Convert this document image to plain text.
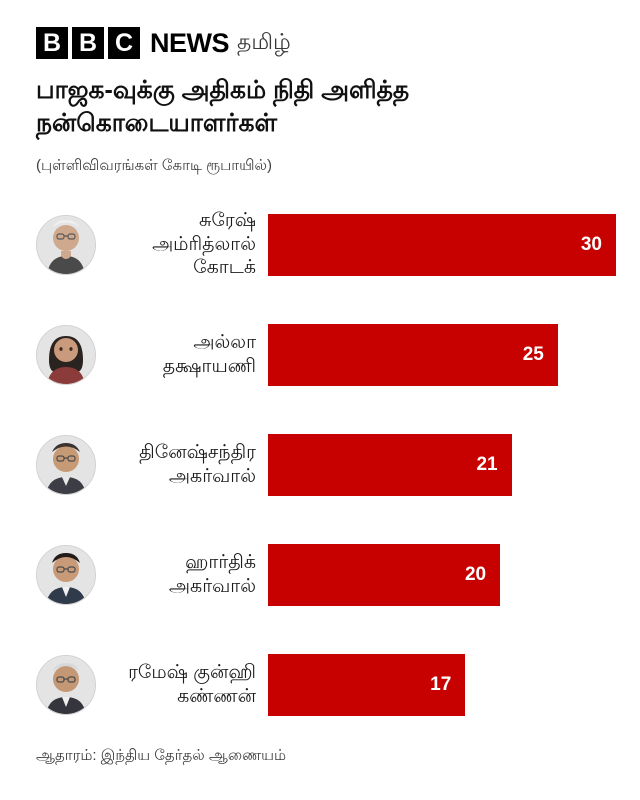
B B C NEWS தமிழ்
பாஜக-வுக்கு அதிகம் நிதி அளித்த நன்கொடையாளர்கள்
(புள்ளிவிவரங்கள் கோடி ரூபாயில்)
சுரேஷ் அம்ரித்லால் கோடக்
30
அல்லா தக்ஷாயணி
25
தினேஷ்சந்திர அகர்வால்
21
ஹார்திக் அகர்வால்
20
ரமேஷ் குன்ஹி கண்ணன்
17
ஆதாரம்: இந்திய தேர்தல் ஆணையம்
